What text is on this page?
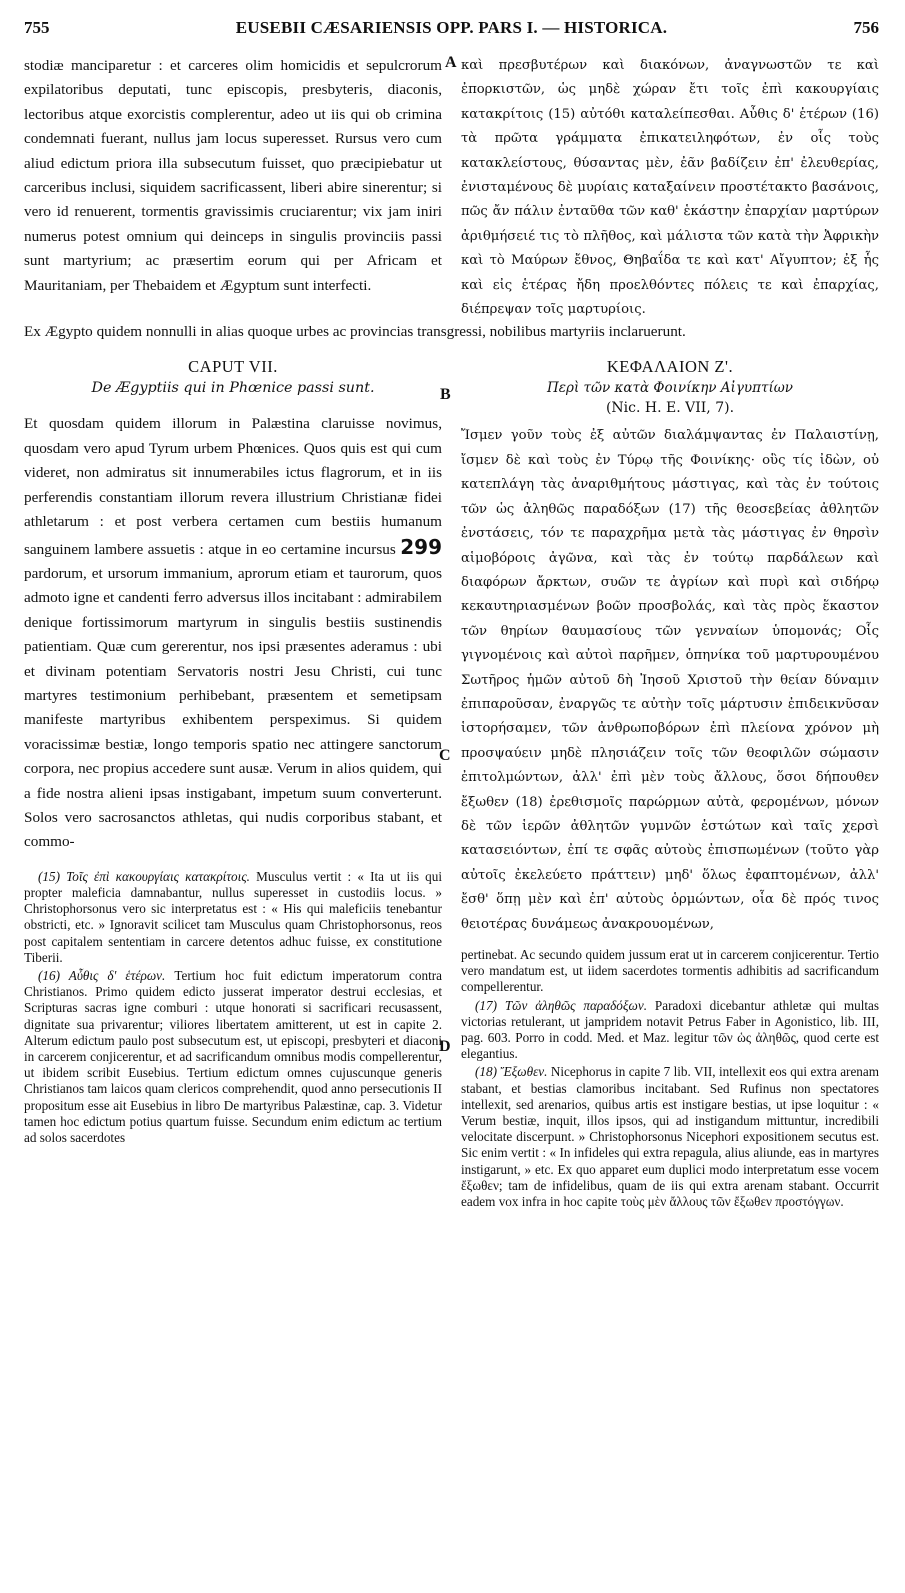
755	EUSEBII CÆSARIENSIS OPP. PARS I. — HISTORICA.	756
A
B
C
D
stodiæ manciparetur : et carceres olim homicidis et sepulcrorum expilatoribus deputati, tunc episcopis, presbyteris, diaconis, lectoribus atque exorcistis complerentur, adeo ut iis qui ob crimina condemnati fuerant, nullus jam locus superesset. Rursus vero cum aliud edictum priora illa subsecutum fuisset, quo præcipiebatur ut carceribus inclusi, siquidem sacrificassent, liberi abire sinerentur; si vero id renuerent, tormentis gravissimis cruciarentur; vix jam iniri numerus potest omnium qui deinceps in singulis provinciis passi sunt martyrium; ac præsertim eorum qui per Africam et Mauritaniam, per Thebaidem et Ægyptum sunt interfecti.
καὶ πρεσβυτέρων καὶ διακόνων, ἀναγνωστῶν τε καὶ ἐπορκιστῶν, ὡς μηδὲ χώραν ἔτι τοῖς ἐπὶ κακουργίαις κατακρίτοις (15) αὐτόθι καταλείπεσθαι. Αὖθις δ' ἑτέρων (16) τὰ πρῶτα γράμματα ἐπικατειληφότων, ἐν οἷς τοὺς κατακλείστους, θύσαντας μὲν, ἐᾶν βαδίζειν ἐπ' ἐλευθερίας, ἐνισταμένους δὲ μυρίαις καταξαίνειν προστέτακτο βασάνοις, πῶς ἄν πάλιν ἐνταῦθα τῶν καθ' ἑκάστην ἐπαρχίαν μαρτύρων ἀριθμήσειέ τις τὸ πλῆθος, καὶ μάλιστα τῶν κατὰ τὴν Ἀφρικὴν καὶ τὸ Μαύρων ἔθνος, Θηβαΐδα τε καὶ κατ' Αἴγυπτον; ἐξ ἧς καὶ εἰς ἑτέρας ἤδη προελθόντες πόλεις τε καὶ ἐπαρχίας, διέπρεψαν τοῖς μαρτυρίοις.
Ex Ægypto quidem nonnulli in alias quoque urbes ac provincias transgressi, nobilibus martyriis inclaruerunt.
CAPUT VII.
De Ægyptiis qui in Phœnice passi sunt.
Et quosdam quidem illorum in Palæstina claruisse novimus, quosdam vero apud Tyrum urbem Phœnices. Quos quis est qui cum videret, non admiratus sit innumerabiles ictus flagrorum, et in iis perferendis constantiam illorum revera illustrium Christianæ fidei athletarum : et post verbera certamen cum bestiis humanum sanguinem lambere assuetis : atque in eo certamine incursus 299 pardorum, et ursorum immanium, aprorum etiam et taurorum, quos admoto igne et candenti ferro adversus illos incitabant : admirabilem denique fortissimorum martyrum in singulis bestiis sustinendis patientiam. Quæ cum gererentur, nos ipsi præsentes aderamus : ubi et divinam potentiam Servatoris nostri Jesu Christi, cui tunc martyres testimonium perhibebant, præsentem et semetipsam manifeste martyribus exhibentem perspeximus. Si quidem voracissimæ bestiæ, longo temporis spatio nec attingere sanctorum corpora, nec propius accedere sunt ausæ. Verum in alios quidem, qui a fide nostra alieni ipsas instigabant, impetum suum converterunt. Solos vero sacrosanctos athletas, qui nudis corporibus stabant, et commo-

(15) Τοῖς ἐπὶ κακουργίαις κατακρίτοις. Musculus vertit : « Ita ut iis qui propter maleficia damnabantur, nullus superesset in custodiis locus. » Christophorsonus vero sic interpretatus est : « His qui maleficiis tenebantur obstricti, etc. » Ignoravit scilicet tam Musculus quam Christophorsonus, reos post capitalem sententiam in carcere detentos adhuc fuisse, ex constitutione Tiberii.

(16) Αὖθις δ' ἑτέρων. Tertium hoc fuit edictum imperatorum contra Christianos. Primo quidem edicto jusserat imperator destrui ecclesias, et Scripturas sacras igne comburi : utque honorati si sacrificari recusassent, dignitate sua privarentur; viliores libertatem amitterent, ut est in capite 2. Alterum edictum paulo post subsecutum est, ut episcopi, presbyteri et diaconi in carcerem conjicerentur, et ad sacrificandum omnibus modis compellerentur, ut ibidem scribit Eusebius. Tertium edictum omnes cujuscunque generis Christianos tam laicos quam clericos comprehendit, quod anno persecutionis II propositum esse ait Eusebius in libro De martyribus Palæstinæ, cap. 3. Videtur tamen hoc edictum potius quartum fuisse. Secundum enim edictum ac tertium ad solos sacerdotes

ΚΕΦΑΛΑΙΟΝ Ζ'.
Περὶ τῶν κατὰ Φοινίκην Αἰγυπτίων
(Nic. H. E. VII, 7).
Ἴσμεν γοῦν τοὺς ἐξ αὐτῶν διαλάμψαντας ἐν Παλαιστίνῃ, ἴσμεν δὲ καὶ τοὺς ἐν Τύρῳ τῆς Φοινίκης· οὓς τίς ἰδὼν, οὐ κατεπλάγη τὰς ἀναριθμήτους μάστιγας, καὶ τὰς ἐν τούτοις τῶν ὡς ἀληθῶς παραδόξων (17) τῆς θεοσεβείας ἀθλητῶν ἐνστάσεις, τόν τε παραχρῆμα μετὰ τὰς μάστιγας ἐν θηρσὶν αἱμοβόροις ἀγῶνα, καὶ τὰς ἐν τούτῳ παρδάλεων καὶ διαφόρων ἄρκτων, συῶν τε ἀγρίων καὶ πυρὶ καὶ σιδήρῳ κεκαυτηριασμένων βοῶν προσβολάς, καὶ τὰς πρὸς ἕκαστον τῶν θηρίων θαυμασίους τῶν γενναίων ὑπομονάς; Οἷς γιγνομένοις καὶ αὐτοὶ παρῆμεν, ὁπηνίκα τοῦ μαρτυρουμένου Σωτῆρος ἡμῶν αὐτοῦ δὴ Ἰησοῦ Χριστοῦ τὴν θείαν δύναμιν ἐπιπαροῦσαν, ἐναργῶς τε αὐτὴν τοῖς μάρτυσιν ἐπιδεικνῦσαν ἱστορήσαμεν, τῶν ἀνθρωποβόρων ἐπὶ πλείονα χρόνον μὴ προσψαύειν μηδὲ πλησιάζειν τοῖς τῶν θεοφιλῶν σώμασιν ἐπιτολμώντων, ἀλλ' ἐπὶ μὲν τοὺς ἄλλους, ὅσοι δήπουθεν ἔξωθεν (18) ἐρεθισμοῖς παρώρμων αὐτὰ, φερομένων, μόνων δὲ τῶν ἱερῶν ἀθλητῶν γυμνῶν ἑστώτων καὶ ταῖς χερσὶ κατασειόντων, ἐπί τε σφᾶς αὐτοὺς ἐπισπωμένων (τοῦτο γὰρ αὐτοῖς ἐκελεύετο πράττειν) μηδ' ὅλως ἐφαπτομένων, ἀλλ' ἔσθ' ὅπῃ μὲν καὶ ἐπ' αὐτοὺς ὁρμώντων, οἷα δὲ πρός τινος θειοτέρας δυνάμεως ἀνακρουομένων,

pertinebat. Ac secundo quidem jussum erat ut in carcerem conjicerentur. Tertio vero mandatum est, ut iidem sacerdotes tormentis adhibitis ad sacrificandum compellerentur.

(17) Τῶν ἀληθῶς παραδόξων. Paradoxi dicebantur athletæ qui multas victorias retulerant, ut jampridem notavit Petrus Faber in Agonistico, lib. III, pag. 603. Porro in codd. Med. et Maz. legitur τῶν ὡς ἀληθῶς, quod certe est elegantius.

(18) Ἔξωθεν. Nicephorus in capite 7 lib. VII, intellexit eos qui extra arenam stabant, et bestias clamoribus incitabant. Sed Rufinus non spectatores intellexit, sed arenarios, quibus artis est instigare bestias, ut ipse loquitur : « Verum bestiæ, inquit, illos ipsos, qui ad instigandum mittuntur, incredibili velocitate discerpunt. » Christophorsonus Nicephori expositionem secutus est. Sic enim vertit : « In infideles qui extra repagula, alius aliunde, eas in martyres instigarunt, » etc. Ex quo apparet eum duplici modo interpretatum esse vocem ἔξωθεν; tam de infidelibus, quam de iis qui extra arenam stabant. Occurrit eadem vox infra in hoc capite τοὺς μὲν ἄλλους τῶν ἔξωθεν προστόγγων.
